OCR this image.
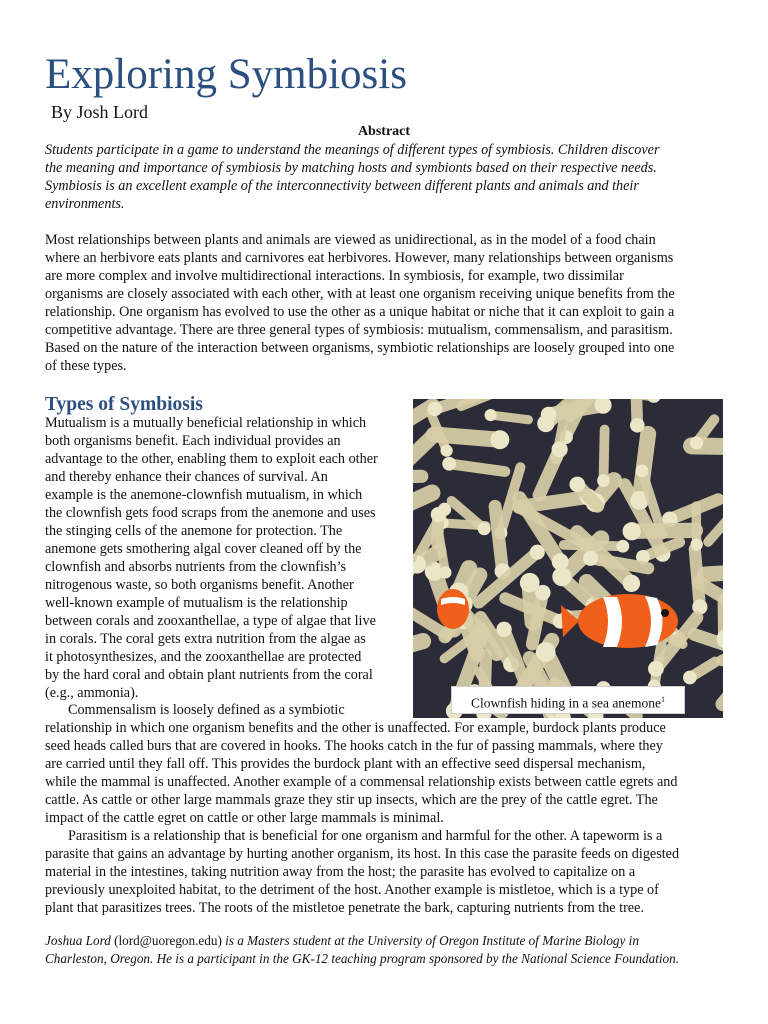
Exploring Symbiosis
By Josh Lord
Abstract
Students participate in a game to understand the meanings of different types of symbiosis. Children discover
the meaning and importance of symbiosis by matching hosts and symbionts based on their respective needs.
Symbiosis is an excellent example of the interconnectivity between different plants and animals and their
environments.
Most relationships between plants and animals are viewed as unidirectional, as in the model of a food chain
where an herbivore eats plants and carnivores eat herbivores. However, many relationships between organisms
are more complex and involve multidirectional interactions. In symbiosis, for example, two dissimilar
organisms are closely associated with each other, with at least one organism receiving unique benefits from the
relationship. One organism has evolved to use the other as a unique habitat or niche that it can exploit to gain a
competitive advantage. There are three general types of symbiosis: mutualism, commensalism, and parasitism.
Based on the nature of the interaction between organisms, symbiotic relationships are loosely grouped into one
of these types.
Types of Symbiosis
Mutualism is a mutually beneficial relationship in which
both organisms benefit. Each individual provides an
advantage to the other, enabling them to exploit each other
and thereby enhance their chances of survival. An
example is the anemone-clownfish mutualism, in which
the clownfish gets food scraps from the anemone and uses
the stinging cells of the anemone for protection. The
anemone gets smothering algal cover cleaned off by the
clownfish and absorbs nutrients from the clownfish’s
nitrogenous waste, so both organisms benefit. Another
well-known example of mutualism is the relationship
between corals and zooxanthellae, a type of algae that live
in corals. The coral gets extra nutrition from the algae as
it photosynthesizes, and the zooxanthellae are protected
by the hard coral and obtain plant nutrients from the coral
(e.g., ammonia).
Clownfish hiding in a sea anemone$^1$
Commensalism is loosely defined as a symbiotic
relationship in which one organism benefits and the other is unaffected. For example, burdock plants produce
seed heads called burs that are covered in hooks. The hooks catch in the fur of passing mammals, where they
are carried until they fall off. This provides the burdock plant with an effective seed dispersal mechanism,
while the mammal is unaffected. Another example of a commensal relationship exists between cattle egrets and
cattle. As cattle or other large mammals graze they stir up insects, which are the prey of the cattle egret. The
impact of the cattle egret on cattle or other large mammals is minimal.
Parasitism is a relationship that is beneficial for one organism and harmful for the other. A tapeworm is a
parasite that gains an advantage by hurting another organism, its host. In this case the parasite feeds on digested
material in the intestines, taking nutrition away from the host; the parasite has evolved to capitalize on a
previously unexploited habitat, to the detriment of the host. Another example is mistletoe, which is a type of
plant that parasitizes trees. The roots of the mistletoe penetrate the bark, capturing nutrients from the tree.
Joshua Lord (lord@uoregon.edu) is a Masters student at the University of Oregon Institute of Marine Biology in
Charleston, Oregon. He is a participant in the GK-12 teaching program sponsored by the National Science Foundation.
